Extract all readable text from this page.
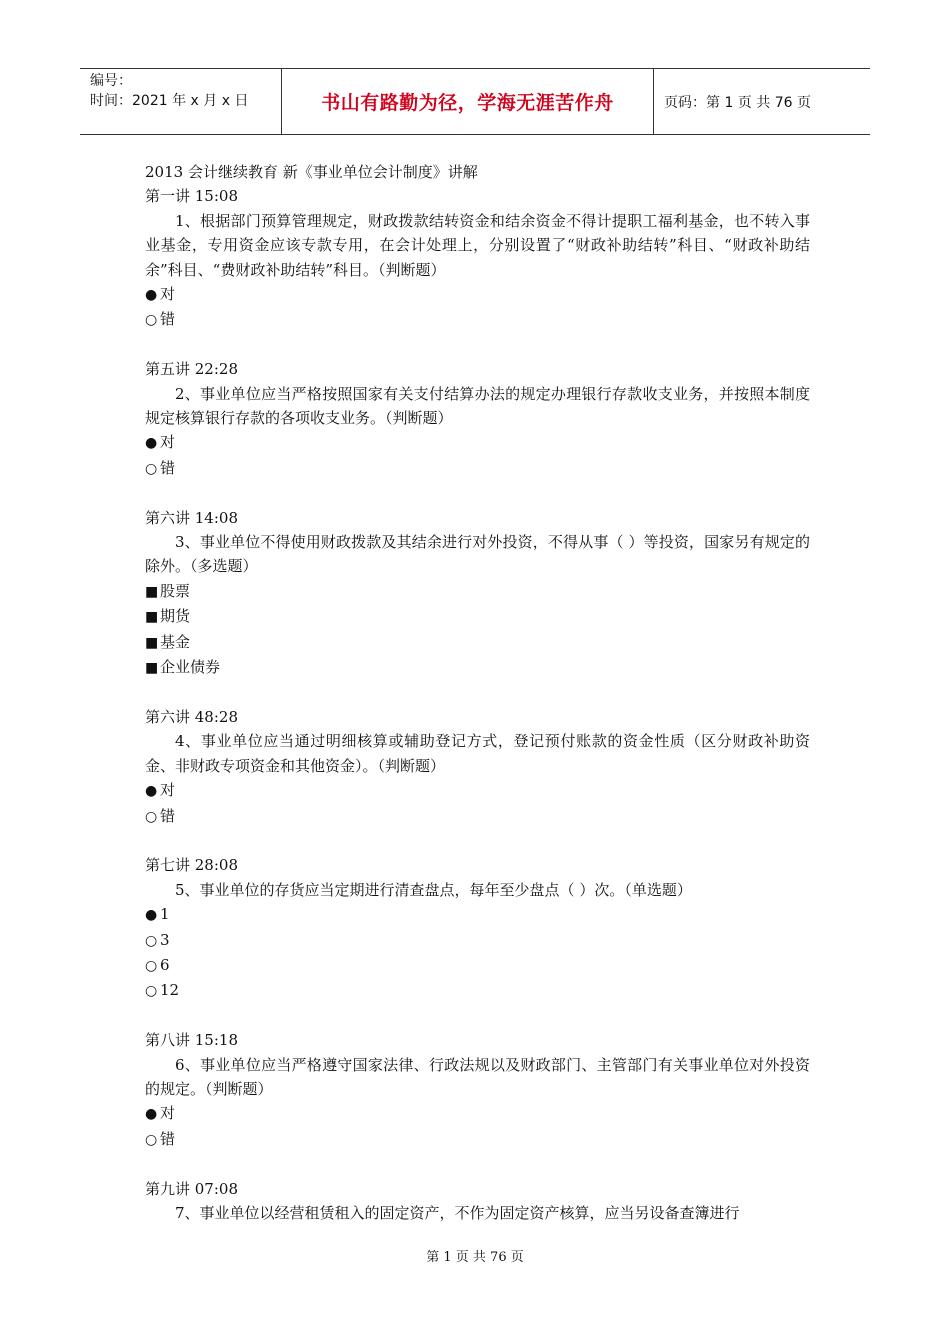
编号：
时间：2021 年 x 月 x 日	书山有路勤为径，学海无涯苦作舟	页码：第 1 页 共 76 页
2013 会计继续教育 新《事业单位会计制度》讲解
第一讲 15:08
1、根据部门预算管理规定，财政拨款结转资金和结余资金不得计提职工福利基金，也不转入事业基金，专用资金应该专款专用，在会计处理上，分别设置了“财政补助结转”科目、“财政补助结余”科目、“费财政补助结转”科目。（判断题）
● 对
○ 错
第五讲 22:28
2、事业单位应当严格按照国家有关支付结算办法的规定办理银行存款收支业务，并按照本制度规定核算银行存款的各项收支业务。（判断题）
● 对
○ 错
第六讲 14:08
3、事业单位不得使用财政拨款及其结余进行对外投资，不得从事（ ）等投资，国家另有规定的除外。（多选题）
■ 股票
■ 期货
■ 基金
■ 企业债券
第六讲 48:28
4、事业单位应当通过明细核算或辅助登记方式，登记预付账款的资金性质（区分财政补助资金、非财政专项资金和其他资金）。（判断题）
● 对
○ 错
第七讲 28:08
5、事业单位的存货应当定期进行清查盘点，每年至少盘点（ ）次。（单选题）
● 1
○ 3
○ 6
○ 12
第八讲 15:18
6、事业单位应当严格遵守国家法律、行政法规以及财政部门、主管部门有关事业单位对外投资的规定。（判断题）
● 对
○ 错
第九讲 07:08
7、事业单位以经营租赁租入的固定资产，不作为固定资产核算，应当另设备查簿进行
第 1 页 共 76 页
